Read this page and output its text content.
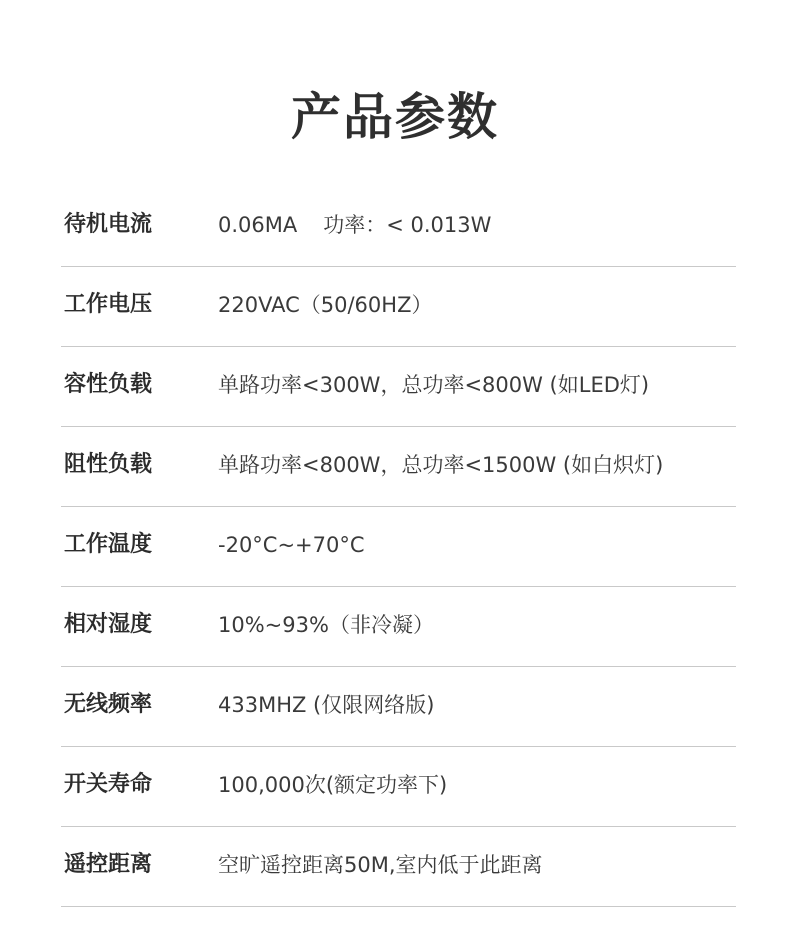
产品参数
待机电流	0.06MA 功率：< 0.013W
工作电压	220VAC（50/60HZ）
容性负载	单路功率<300W，总功率<800W (如LED灯)
阻性负载	单路功率<800W，总功率<1500W (如白炽灯)
工作温度	-20°C~+70°C
相对湿度	10%~93%（非冷凝）
无线频率	433MHZ (仅限网络版)
开关寿命	100,000次(额定功率下)
遥控距离	空旷遥控距离50M,室内低于此距离
